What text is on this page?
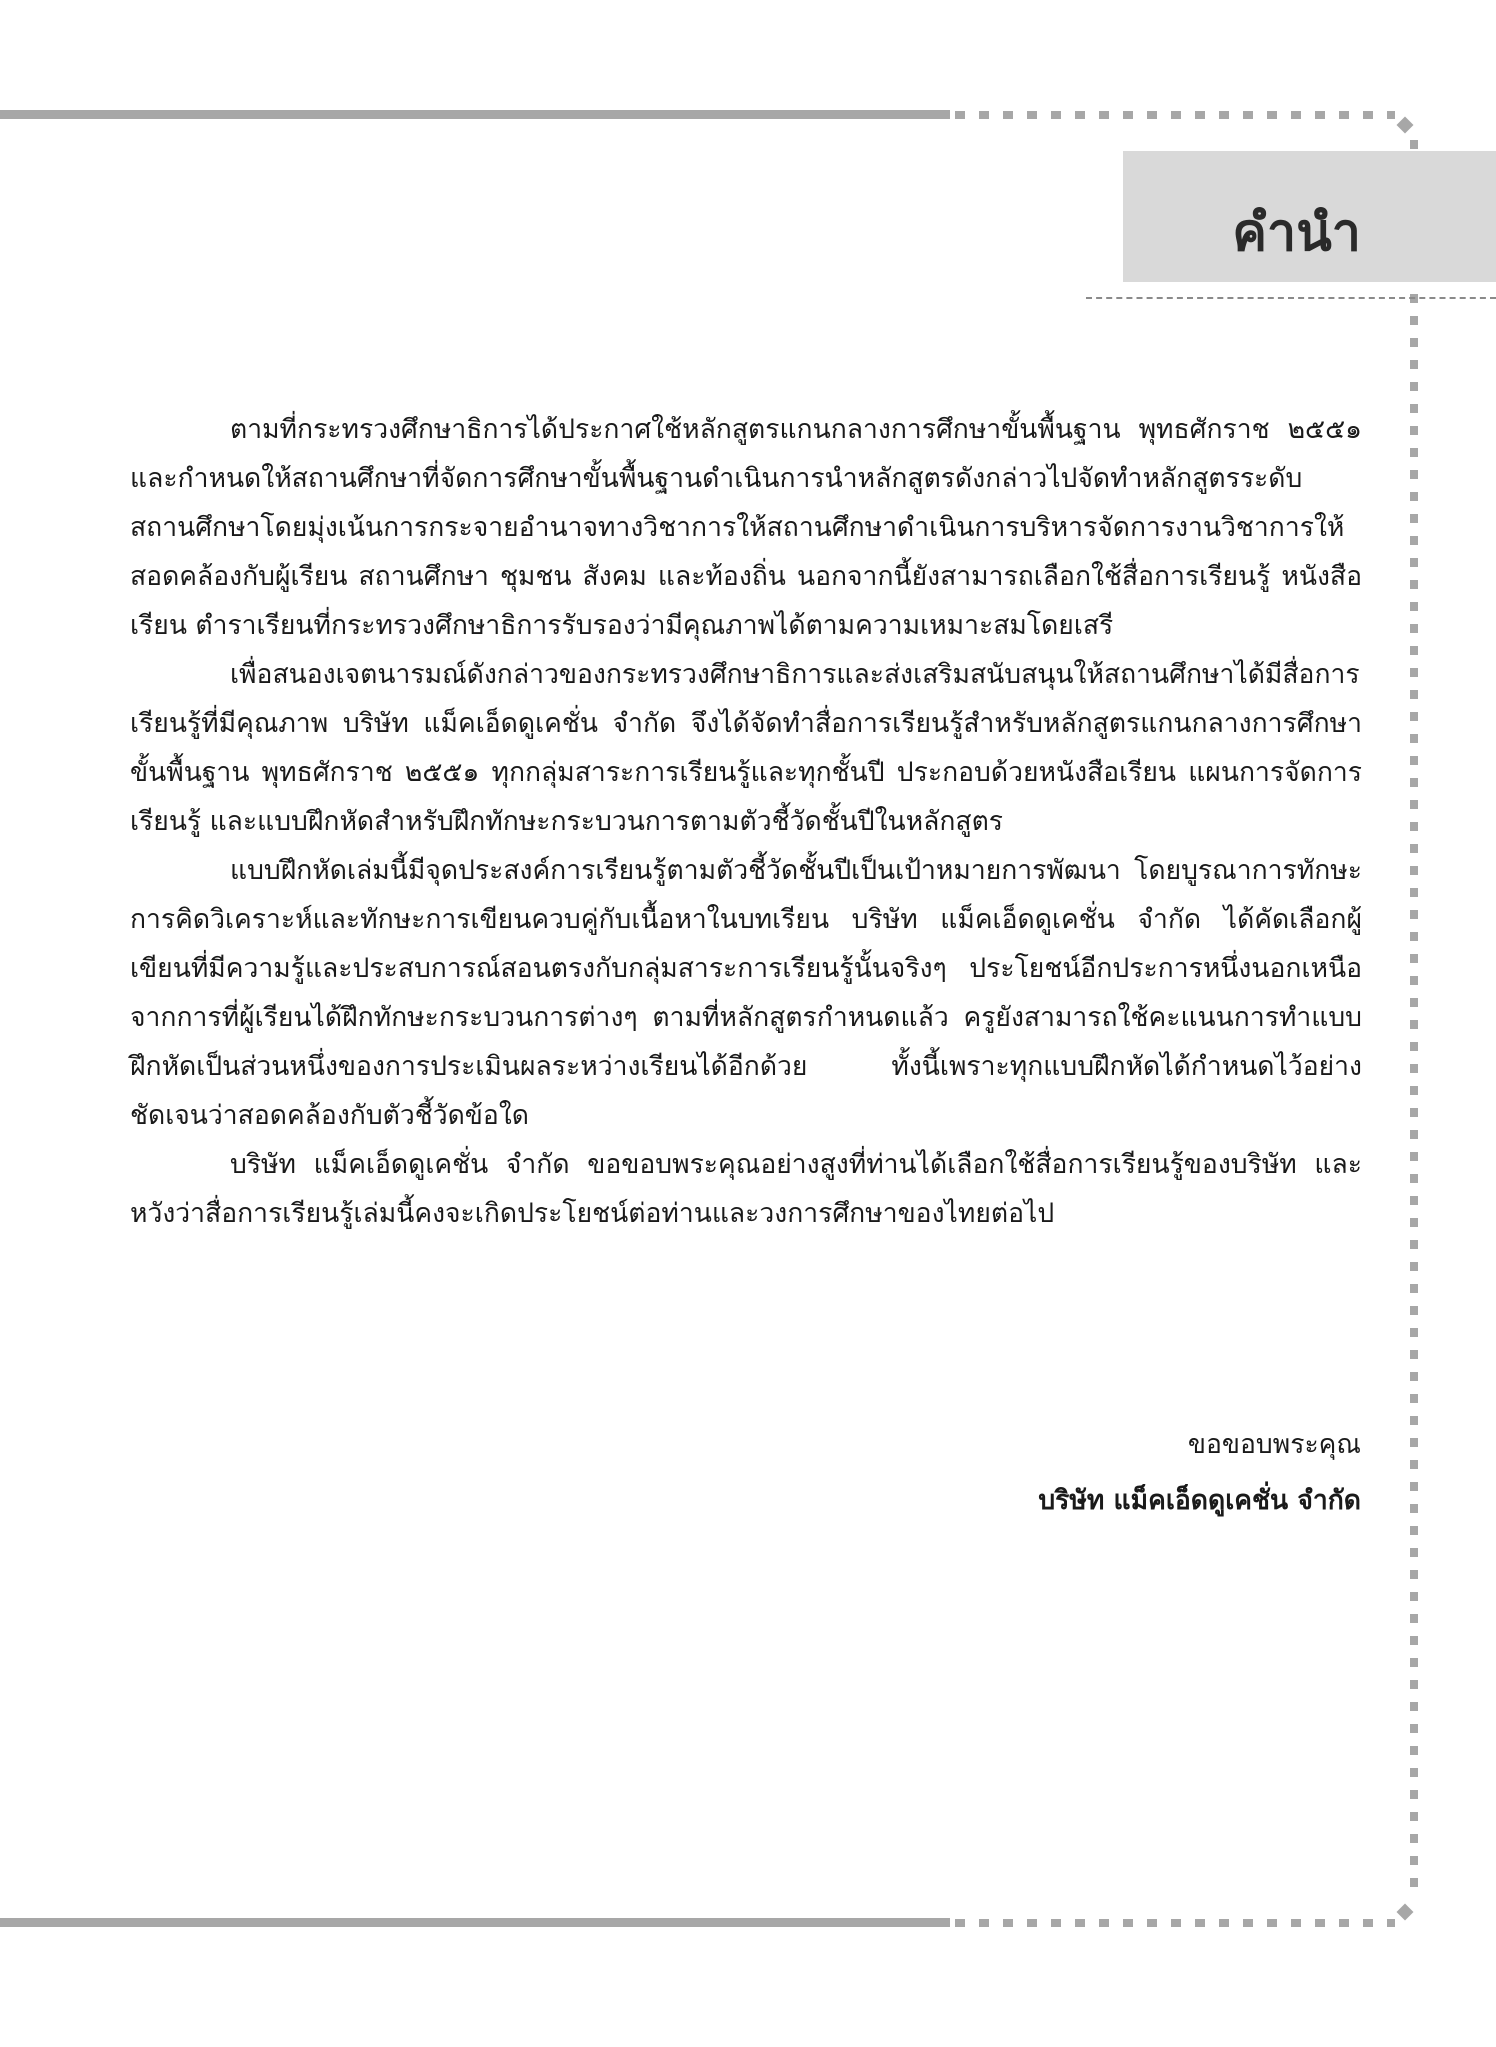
คำนำ

ตามที่กระทรวงศึกษาธิการได้ประกาศใช้หลักสูตรแกนกลางการศึกษาขั้นพื้นฐาน พุทธศักราช ๒๕๕๑ และกำหนดให้สถานศึกษาที่จัดการศึกษาขั้นพื้นฐานดำเนินการนำหลักสูตรดังกล่าวไปจัดทำหลักสูตรระดับสถานศึกษาโดยมุ่งเน้นการกระจายอำนาจทางวิชาการให้สถานศึกษาดำเนินการบริหารจัดการงานวิชาการให้สอดคล้องกับผู้เรียน สถานศึกษา ชุมชน สังคม และท้องถิ่น นอกจากนี้ยังสามารถเลือกใช้สื่อการเรียนรู้ หนังสือเรียน ตำราเรียนที่กระทรวงศึกษาธิการรับรองว่ามีคุณภาพได้ตามความเหมาะสมโดยเสรี

เพื่อสนองเจตนารมณ์ดังกล่าวของกระทรวงศึกษาธิการและส่งเสริมสนับสนุนให้สถานศึกษาได้มีสื่อการเรียนรู้ที่มีคุณภาพ บริษัท แม็คเอ็ดดูเคชั่น จำกัด จึงได้จัดทำสื่อการเรียนรู้สำหรับหลักสูตรแกนกลางการศึกษาขั้นพื้นฐาน พุทธศักราช ๒๕๕๑ ทุกกลุ่มสาระการเรียนรู้และทุกชั้นปี ประกอบด้วยหนังสือเรียน แผนการจัดการเรียนรู้ และแบบฝึกหัดสำหรับฝึกทักษะกระบวนการตามตัวชี้วัดชั้นปีในหลักสูตร

แบบฝึกหัดเล่มนี้มีจุดประสงค์การเรียนรู้ตามตัวชี้วัดชั้นปีเป็นเป้าหมายการพัฒนา โดยบูรณาการทักษะการคิดวิเคราะห์และทักษะการเขียนควบคู่กับเนื้อหาในบทเรียน บริษัท แม็คเอ็ดดูเคชั่น จำกัด ได้คัดเลือกผู้เขียนที่มีความรู้และประสบการณ์สอนตรงกับกลุ่มสาระการเรียนรู้นั้นจริงๆ ประโยชน์อีกประการหนึ่งนอกเหนือจากการที่ผู้เรียนได้ฝึกทักษะกระบวนการต่างๆ ตามที่หลักสูตรกำหนดแล้ว ครูยังสามารถใช้คะแนนการทำแบบฝึกหัดเป็นส่วนหนึ่งของการประเมินผลระหว่างเรียนได้อีกด้วย ทั้งนี้เพราะทุกแบบฝึกหัดได้กำหนดไว้อย่างชัดเจนว่าสอดคล้องกับตัวชี้วัดข้อใด

บริษัท แม็คเอ็ดดูเคชั่น จำกัด ขอขอบพระคุณอย่างสูงที่ท่านได้เลือกใช้สื่อการเรียนรู้ของบริษัท และหวังว่าสื่อการเรียนรู้เล่มนี้คงจะเกิดประโยชน์ต่อท่านและวงการศึกษาของไทยต่อไป

ขอขอบพระคุณ
บริษัท แม็คเอ็ดดูเคชั่น จำกัด
